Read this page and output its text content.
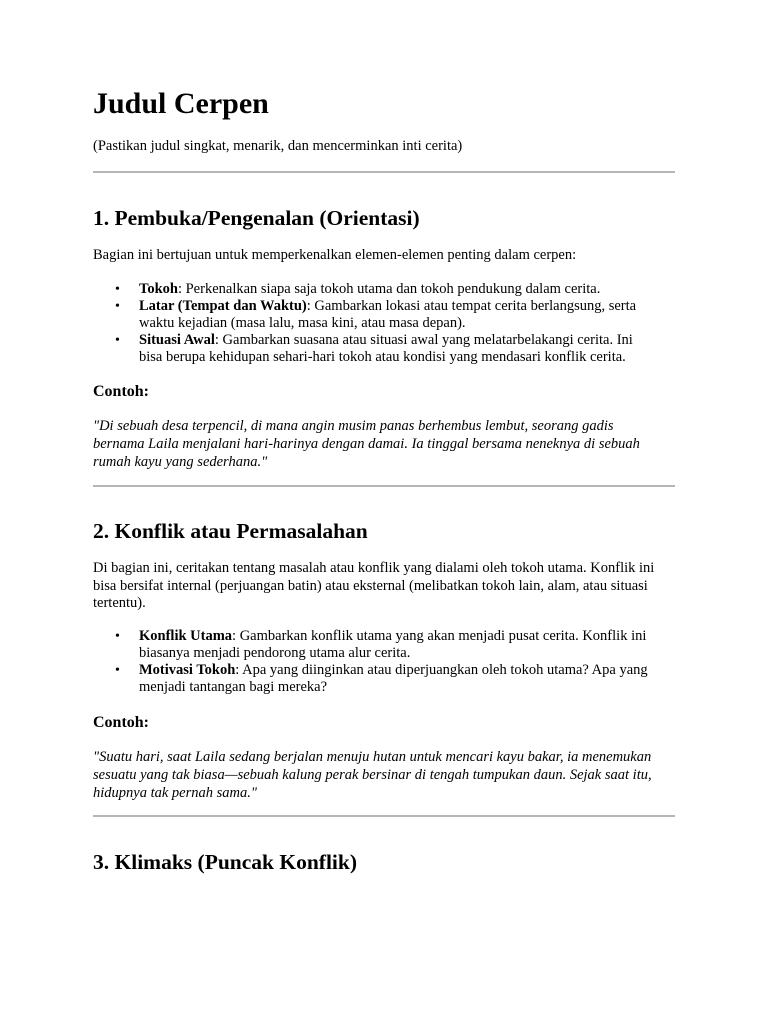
Judul Cerpen

(Pastikan judul singkat, menarik, dan mencerminkan inti cerita)

1. Pembuka/Pengenalan (Orientasi)

Bagian ini bertujuan untuk memperkenalkan elemen-elemen penting dalam cerpen:

• Tokoh: Perkenalkan siapa saja tokoh utama dan tokoh pendukung dalam cerita.
• Latar (Tempat dan Waktu): Gambarkan lokasi atau tempat cerita berlangsung, serta waktu kejadian (masa lalu, masa kini, atau masa depan).
• Situasi Awal: Gambarkan suasana atau situasi awal yang melatarbelakangi cerita. Ini bisa berupa kehidupan sehari-hari tokoh atau kondisi yang mendasari konflik cerita.
Contoh:

"Di sebuah desa terpencil, di mana angin musim panas berhembus lembut, seorang gadis bernama Laila menjalani hari-harinya dengan damai. Ia tinggal bersama neneknya di sebuah rumah kayu yang sederhana."

2. Konflik atau Permasalahan

Di bagian ini, ceritakan tentang masalah atau konflik yang dialami oleh tokoh utama. Konflik ini bisa bersifat internal (perjuangan batin) atau eksternal (melibatkan tokoh lain, alam, atau situasi tertentu).

• Konflik Utama: Gambarkan konflik utama yang akan menjadi pusat cerita. Konflik ini biasanya menjadi pendorong utama alur cerita.
• Motivasi Tokoh: Apa yang diinginkan atau diperjuangkan oleh tokoh utama? Apa yang menjadi tantangan bagi mereka?
Contoh:

"Suatu hari, saat Laila sedang berjalan menuju hutan untuk mencari kayu bakar, ia menemukan sesuatu yang tak biasa—sebuah kalung perak bersinar di tengah tumpukan daun. Sejak saat itu, hidupnya tak pernah sama."

3. Klimaks (Puncak Konflik)
